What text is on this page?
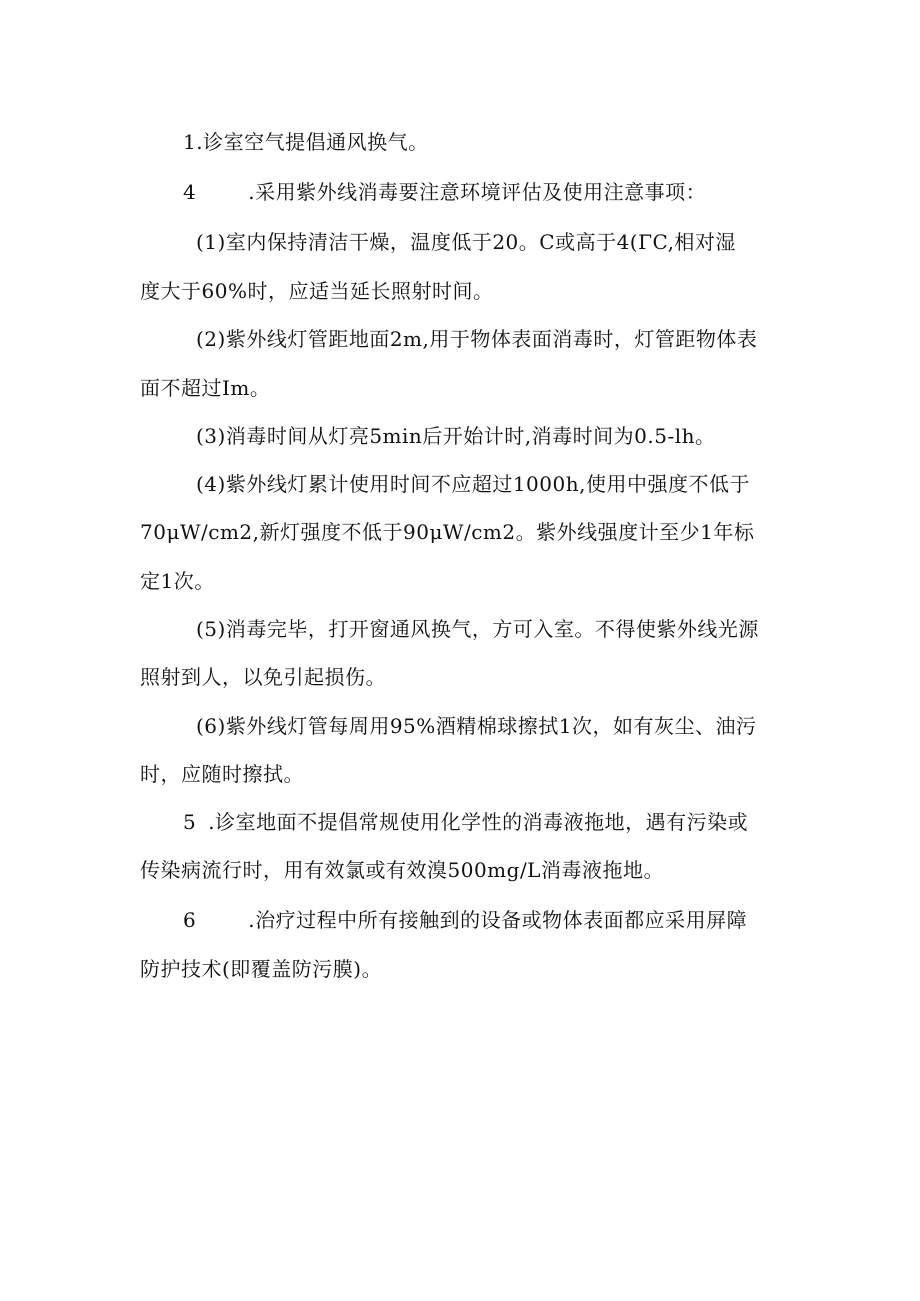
1.诊室空气提倡通风换气。
4	.采用紫外线消毒要注意环境评估及使用注意事项：
(1)室内保持清洁干燥，温度低于20。C或高于4(ΓC,相对湿
度大于60%时，应适当延长照射时间。
(2)紫外线灯管距地面2m,用于物体表面消毒时，灯管距物体表
面不超过Im。
(3)消毒时间从灯亮5min后开始计时,消毒时间为0.5-lh。
(4)紫外线灯累计使用时间不应超过1000h,使用中强度不低于
70μW/cm2,新灯强度不低于90μW/cm2。紫外线强度计至少1年标
定1次。
(5)消毒完毕，打开窗通风换气，方可入室。不得使紫外线光源
照射到人，以免引起损伤。
(6)紫外线灯管每周用95%酒精棉球擦拭1次，如有灰尘、油污
时，应随时擦拭。
5 .诊室地面不提倡常规使用化学性的消毒液拖地，遇有污染或
传染病流行时，用有效氯或有效溴500mg/L消毒液拖地。
6	.治疗过程中所有接触到的设备或物体表面都应采用屏障
防护技术(即覆盖防污膜)。
